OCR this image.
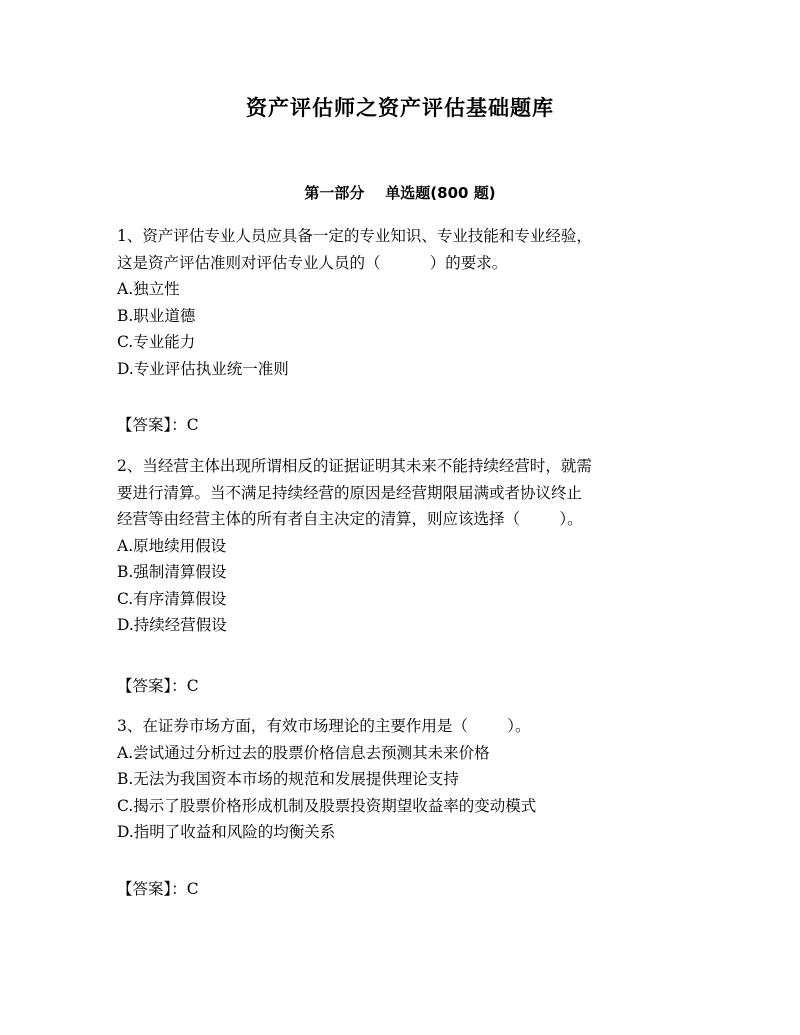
资产评估师之资产评估基础题库
第一部分    单选题(800 题)

1、资产评估专业人员应具备一定的专业知识、专业技能和专业经验，

这是资产评估准则对评估专业人员的（          ）的要求。

A.独立性

B.职业道德

C.专业能力

D.专业评估执业统一准则

【答案】：C

2、当经营主体出现所谓相反的证据证明其未来不能持续经营时，就需

要进行清算。当不满足持续经营的原因是经营期限届满或者协议终止

经营等由经营主体的所有者自主决定的清算，则应该选择（        ）。

A.原地续用假设

B.强制清算假设

C.有序清算假设

D.持续经营假设

【答案】：C

3、在证券市场方面，有效市场理论的主要作用是（        ）。

A.尝试通过分析过去的股票价格信息去预测其未来价格

B.无法为我国资本市场的规范和发展提供理论支持

C.揭示了股票价格形成机制及股票投资期望收益率的变动模式

D.指明了收益和风险的均衡关系

【答案】：C
